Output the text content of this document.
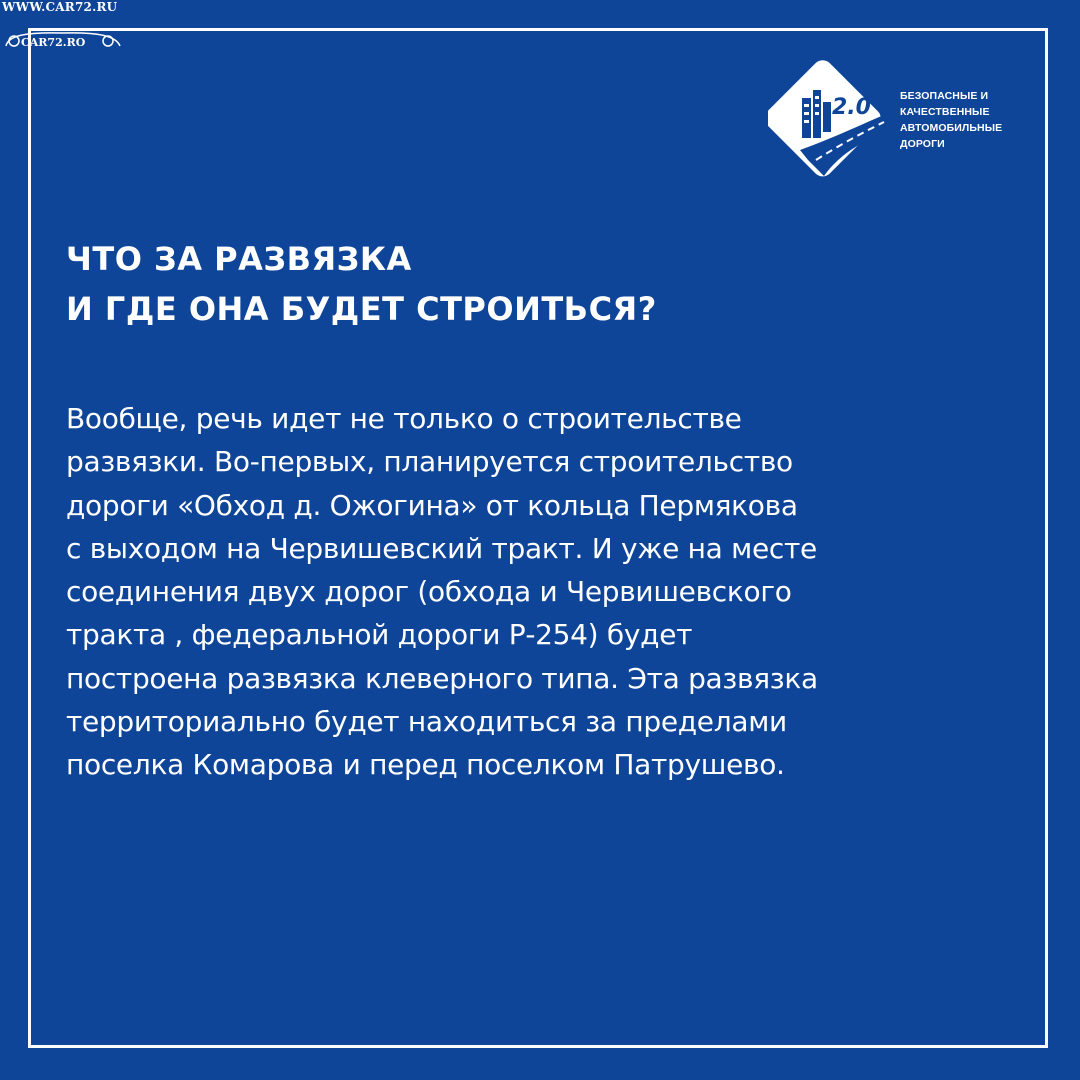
WWW.CAR72.RU
CAR72.RO
2.0	БЕЗОПАСНЫЕ И
КАЧЕСТВЕННЫЕ
АВТОМОБИЛЬНЫЕ
ДОРОГИ
ЧТО ЗА РАЗВЯЗКА
И ГДЕ ОНА БУДЕТ СТРОИТЬСЯ?
Вообще, речь идет не только о строительстве
развязки. Во-первых, планируется строительство
дороги «Обход д. Ожогина» от кольца Пермякова
с выходом на Червишевский тракт. И уже на месте
соединения двух дорог (обхода и Червишевского
тракта , федеральной дороги Р-254) будет
построена развязка клеверного типа. Эта развязка
территориально будет находиться за пределами
поселка Комарова и перед поселком Патрушево.
